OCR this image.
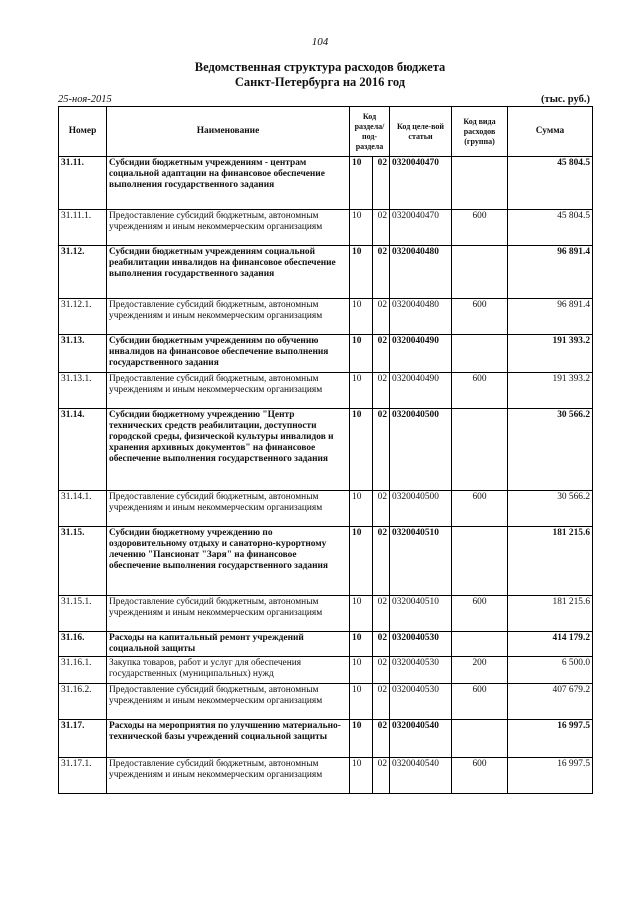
104
Ведомственная структура расходов бюджета
Санкт-Петербурга на 2016 год
25-ноя-2015	(тыс. руб.)
Номер	Наименование	Код раздела/ под-раздела		Код целе-вой статьи	Код вида расходов (группа)	Сумма
31.11.	Субсидии бюджетным учреждениям - центрам социальной адаптации на финансовое обеспечение выполнения государственного задания	10	02	0320040470		45 804.5
31.11.1.	Предоставление субсидий бюджетным, автономным учреждениям и иным некоммерческим организациям	10	02	0320040470	600	45 804.5
31.12.	Субсидии бюджетным учреждениям социальной реабилитации инвалидов на финансовое обеспечение выполнения государственного задания	10	02	0320040480		96 891.4
31.12.1.	Предоставление субсидий бюджетным, автономным учреждениям и иным некоммерческим организациям	10	02	0320040480	600	96 891.4
31.13.	Субсидии бюджетным учреждениям по обучению инвалидов на финансовое обеспечение выполнения государственного задания	10	02	0320040490		191 393.2
31.13.1.	Предоставление субсидий бюджетным, автономным учреждениям и иным некоммерческим организациям	10	02	0320040490	600	191 393.2
31.14.	Субсидии бюджетному учреждению "Центр технических средств реабилитации, доступности городской среды, физической культуры инвалидов и хранения архивных документов" на финансовое обеспечение выполнения государственного задания	10	02	0320040500		30 566.2
31.14.1.	Предоставление субсидий бюджетным, автономным учреждениям и иным некоммерческим организациям	10	02	0320040500	600	30 566.2
31.15.	Субсидии бюджетному учреждению по оздоровительному отдыху и санаторно-курортному лечению "Пансионат "Заря" на финансовое обеспечение выполнения государственного задания	10	02	0320040510		181 215.6
31.15.1.	Предоставление субсидий бюджетным, автономным учреждениям и иным некоммерческим организациям	10	02	0320040510	600	181 215.6
31.16.	Расходы на капитальный ремонт учреждений социальной защиты	10	02	0320040530		414 179.2
31.16.1.	Закупка товаров, работ и услуг для обеспечения государственных (муниципальных) нужд	10	02	0320040530	200	6 500.0
31.16.2.	Предоставление субсидий бюджетным, автономным учреждениям и иным некоммерческим организациям	10	02	0320040530	600	407 679.2
31.17.	Расходы на мероприятия по улучшению материально-технической базы учреждений социальной защиты	10	02	0320040540		16 997.5
31.17.1.	Предоставление субсидий бюджетным, автономным учреждениям и иным некоммерческим организациям	10	02	0320040540	600	16 997.5
